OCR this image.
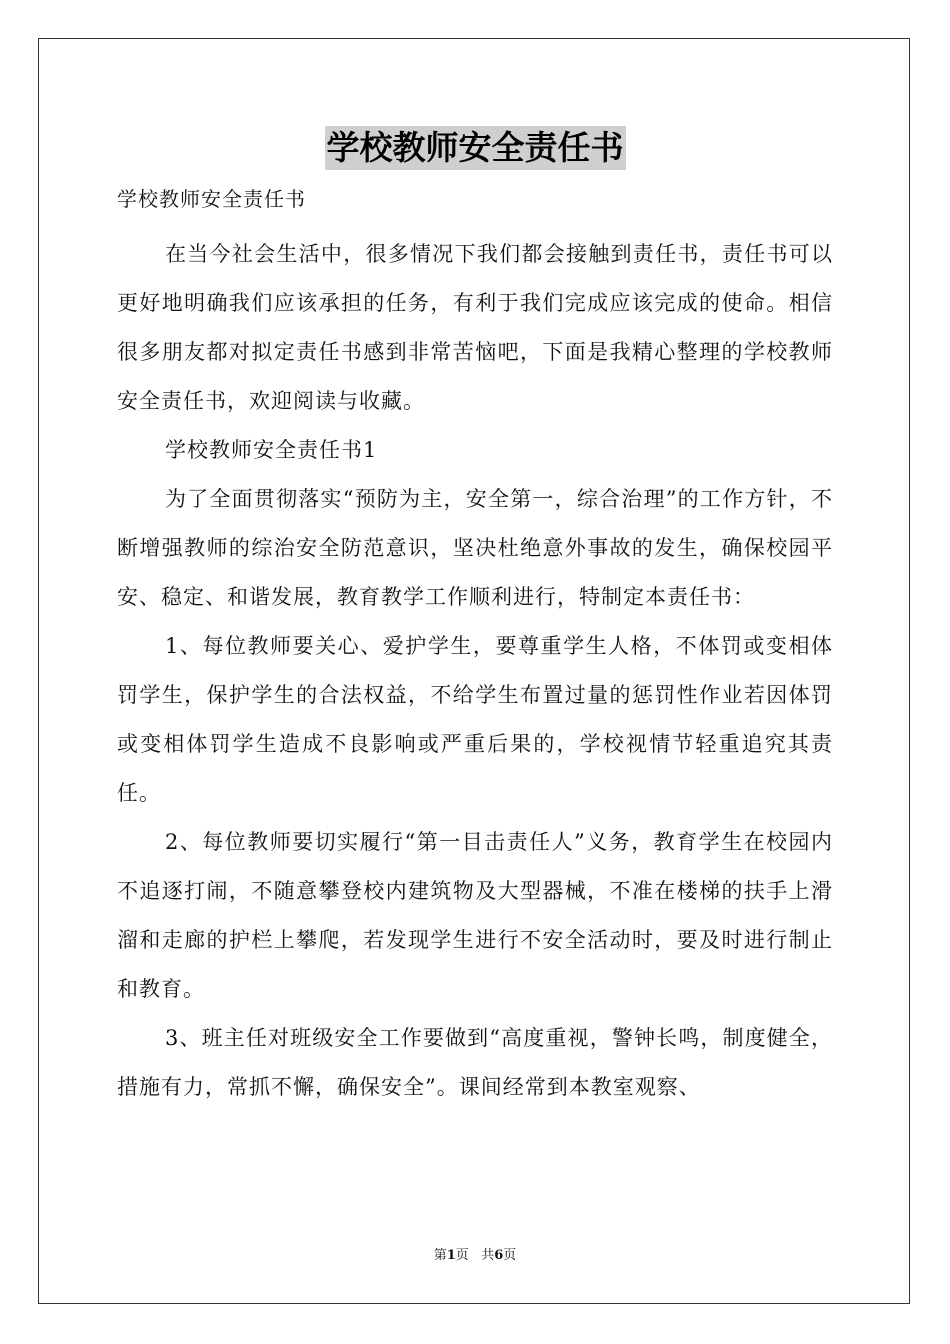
学校教师安全责任书
学校教师安全责任书

在当今社会生活中，很多情况下我们都会接触到责任书，责任书可以更好地明确我们应该承担的任务，有利于我们完成应该完成的使命。相信很多朋友都对拟定责任书感到非常苦恼吧，下面是我精心整理的学校教师安全责任书，欢迎阅读与收藏。

学校教师安全责任书1

为了全面贯彻落实“预防为主，安全第一，综合治理”的工作方针，不断增强教师的综治安全防范意识，坚决杜绝意外事故的发生，确保校园平安、稳定、和谐发展，教育教学工作顺利进行，特制定本责任书：

1、每位教师要关心、爱护学生，要尊重学生人格，不体罚或变相体罚学生，保护学生的合法权益，不给学生布置过量的惩罚性作业若因体罚或变相体罚学生造成不良影响或严重后果的，学校视情节轻重追究其责任。

2、每位教师要切实履行“第一目击责任人”义务，教育学生在校园内不追逐打闹，不随意攀登校内建筑物及大型器械，不准在楼梯的扶手上滑溜和走廊的护栏上攀爬，若发现学生进行不安全活动时，要及时进行制止和教育。

3、班主任对班级安全工作要做到“高度重视，警钟长鸣，制度健全，措施有力，常抓不懈，确保安全”。课间经常到本教室观察、

第1页 共6页
